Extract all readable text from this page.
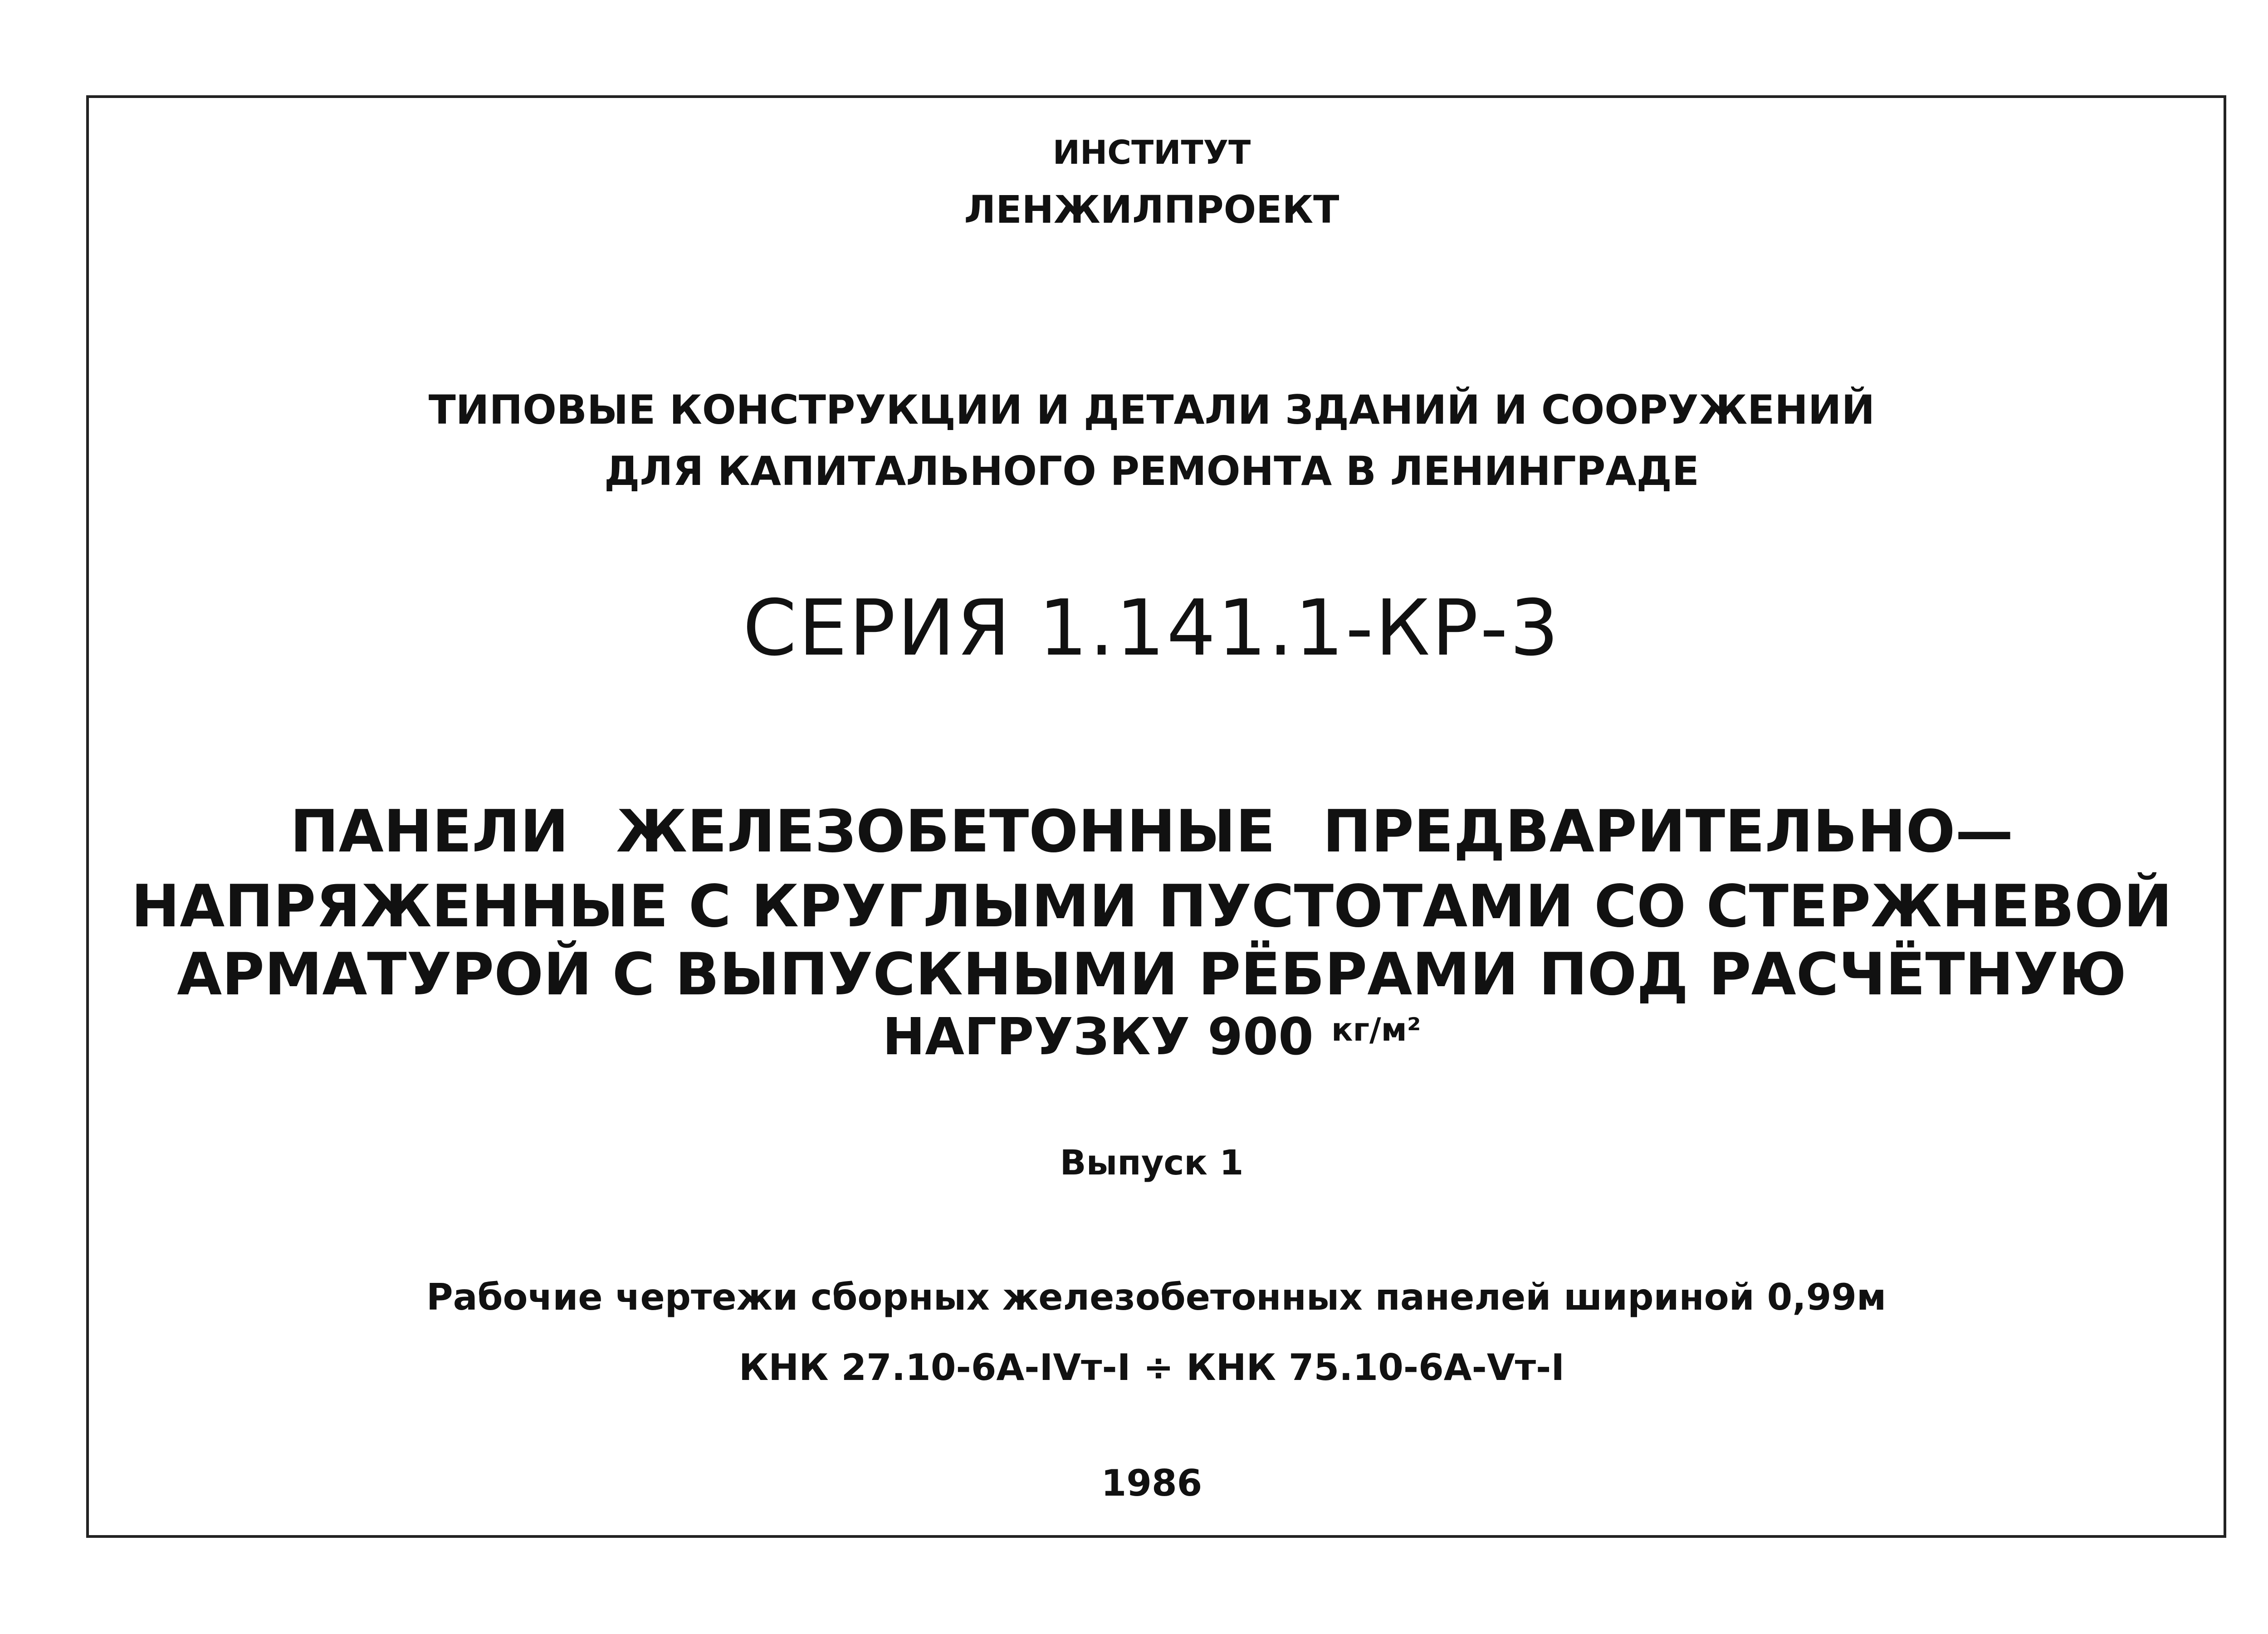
ИНСТИТУТ
ЛЕНЖИЛПРОЕКТ
ТИПОВЫЕ КОНСТРУКЦИИ И ДЕТАЛИ ЗДАНИЙ И СООРУЖЕНИЙ
ДЛЯ КАПИТАЛЬНОГО РЕМОНТА В ЛЕНИНГРАДЕ
СЕРИЯ 1.141.1-КР-3
ПАНЕЛИ ЖЕЛЕЗОБЕТОННЫЕ ПРЕДВАРИТЕЛЬНО—
НАПРЯЖЕННЫЕ С КРУГЛЫМИ ПУСТОТАМИ СО СТЕРЖНЕВОЙ
АРМАТУРОЙ С ВЫПУСКНЫМИ РЁБРАМИ ПОД РАСЧЁТНУЮ
НАГРУЗКУ 900 $^{кг/м^2}$
Выпуск 1
Рабочие чертежи сборных железобетонных панелей шириной 0,99м
КНК 27.10-6А-IVт-I ÷ КНК 75.10-6А-Vт-I
1986
